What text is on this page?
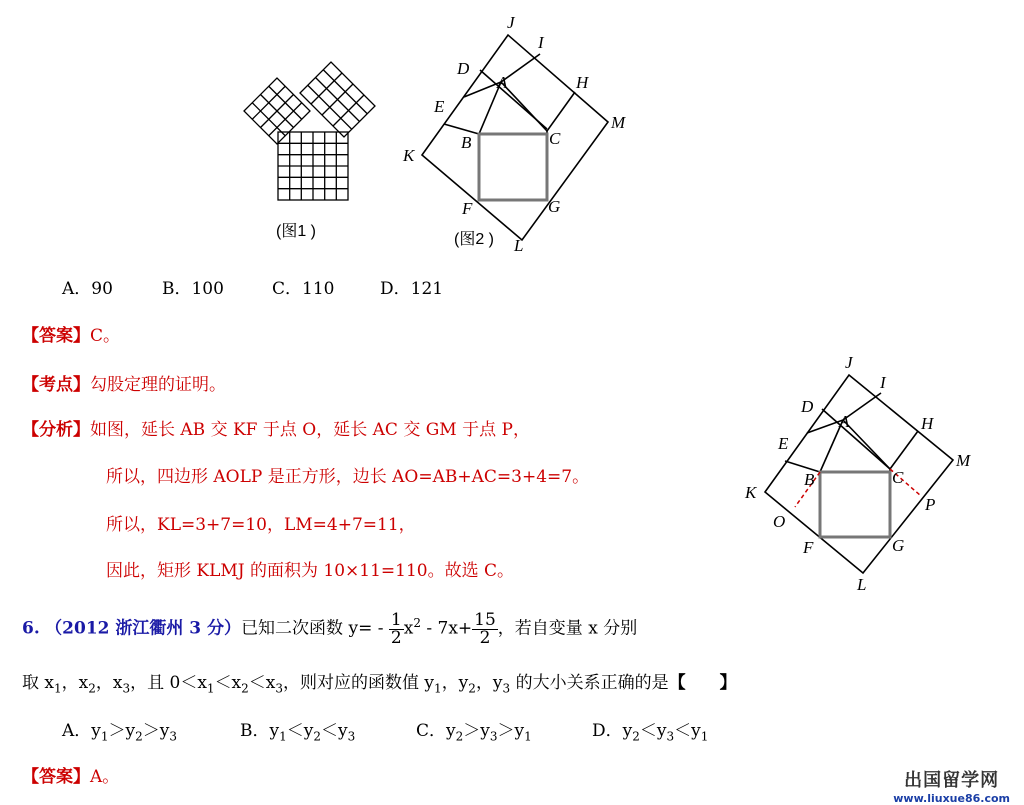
(图1 )
J
I
D
A	H
E
M
B	C
K
F	G
L
(图2 )
A．90	B．100	C．110	D．121
【答案】C。
【考点】勾股定理的证明。
【分析】如图，延长 AB 交 KF 于点 O，延长 AC 交 GM 于点 P，
所以，四边形 AOLP 是正方形，边长 AO=AB+AC=3+4=7。
所以，KL=3+7=10，LM=4+7=11，
因此，矩形 KLMJ 的面积为 10×11=110。故选 C。
J
I
D
A	H
E
M
B	C
K
O
P
F	G
L
6. （2012 浙江衢州 3 分）已知二次函数 $y= - \frac{1}{2} x^2 - 7x+ \frac{15}{2}$ ，若自变量 x 分别
取 $x_1$，$x_2$，$x_3$，且 $0<x_1<x_2<x_3$，则对应的函数值 $y_1$，$y_2$，$y_3$ 的大小关系正确的是【　　】
A．$y_1>y_2>y_3$	B．$y_1<y_2<y_3$	C．$y_2>y_3>y_1$	D．$y_2<y_3<y_1$
【答案】A。	出国留学网
www.liuxue86.com
